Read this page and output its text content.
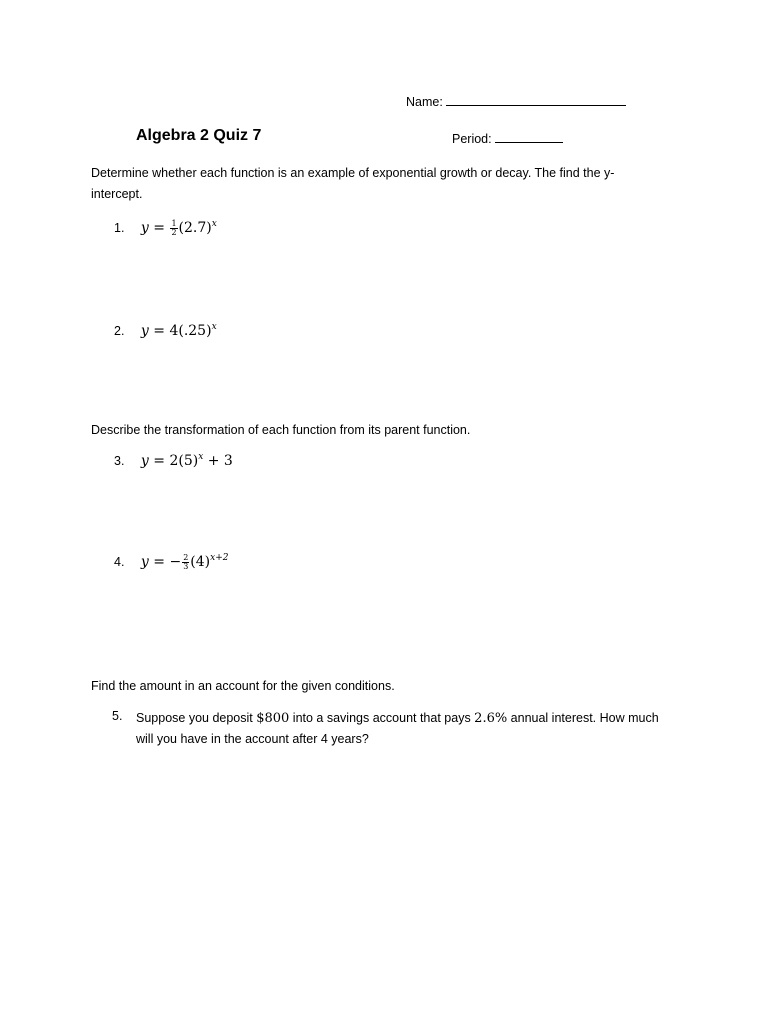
Name:
Algebra 2 Quiz 7	Period:
Determine whether each function is an example of exponential growth or decay. The find the y-intercept.
1. $y = \frac{1}{2} (2.7)^x$
2. $y = 4(.25)^x$
Describe the transformation of each function from its parent function.
3. $y = 2(5)^x + 3$
4. y = − $\frac{2}{3} (4)^{x+2}$
Find the amount in an account for the given conditions.
5. Suppose you deposit $800 into a savings account that pays 2.6% annual interest. How much will you have in the account after 4 years?
